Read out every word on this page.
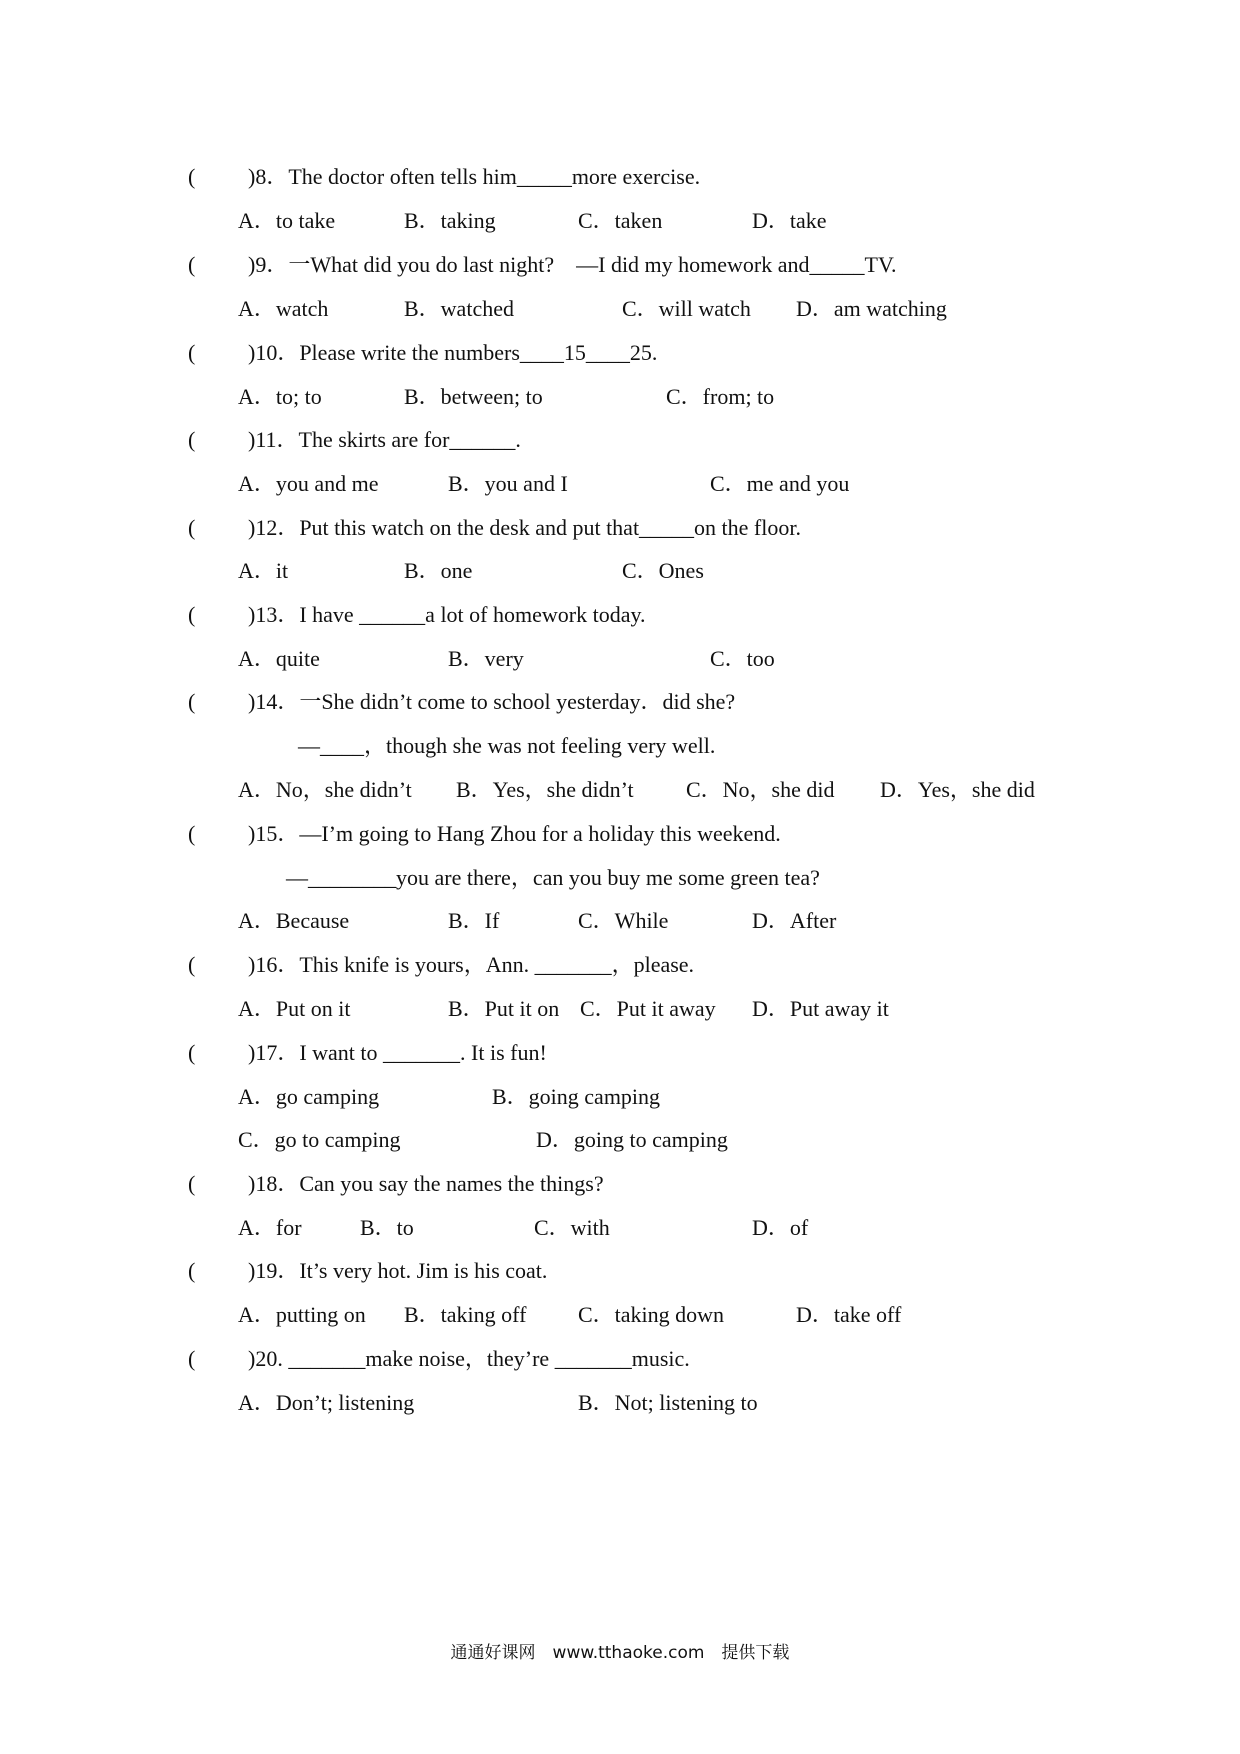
( )8．The doctor often tells him_____more exercise.
A．to take	B．taking	C．taken	D．take
( )9．一What did you do last night?　—I did my homework and_____TV.
A．watch	B．watched	C．will watch D．am watching
( )10．Please write the numbers____15____25.
A．to; to	B．between; to	C．from; to
( )11．The skirts are for______.
A．you and me	B．you and I	C．me and you
( )12．Put this watch on the desk and put that_____on the floor.
A．it	B．one	C．Ones
( )13．I have ______a lot of homework today.
A．quite	B．very	C．too
( )14．一She didn’t come to school yesterday．did she?
—____，though she was not feeling very well.
A．No，she didn’t B．Yes，she didn’t C．No，she did D．Yes，she did
( )15．—I’m going to Hang Zhou for a holiday this weekend.
—________you are there，can you buy me some green tea?
A．Because	B．If	C．While	D．After
( )16．This knife is yours，Ann. _______，please.
A．Put on it	B．Put it on C．Put it away D．Put away it
( )17．I want to _______. It is fun!
A．go camping	B．going camping
C．go to camping	D．going to camping
( )18．Can you say the names the things?
A．for	B．to	C．with	D．of
( )19．It’s very hot. Jim is his coat.
A．putting on B．taking off C．taking down	D．take off
( )20. _______make noise，they’re _______music.
A．Don’t; listening	B．Not; listening to
通通好课网　www.tthaoke.com　提供下载
